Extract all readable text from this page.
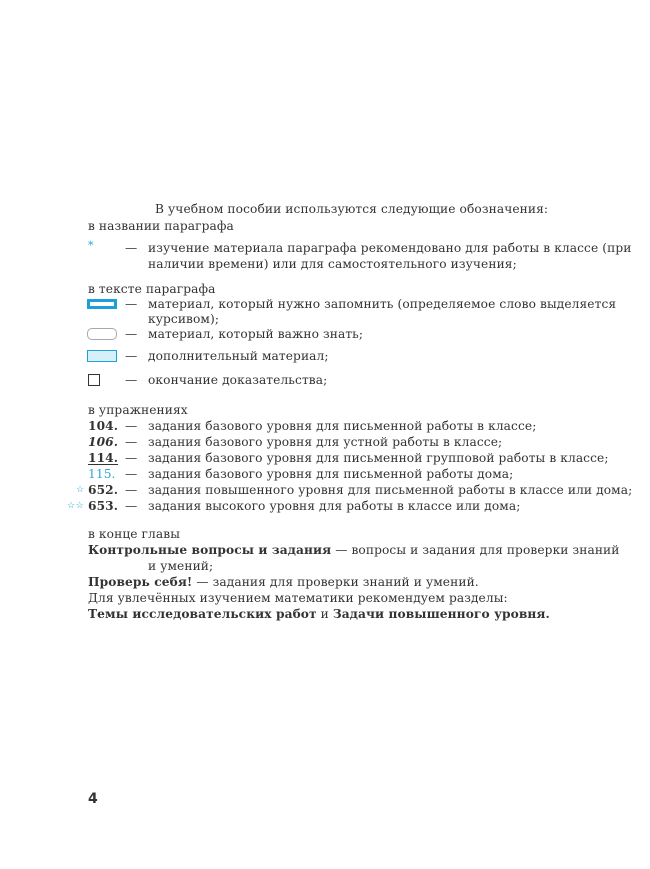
В учебном пособии используются следующие обозначения:
в названии параграфа
*	— изучение материала параграфа рекомендовано для работы в классе (при
наличии времени) или для самостоятельного изучения;
в тексте параграфа
— материал, который нужно запомнить (определяемое слово выделяется
курсивом);
— материал, который важно знать;
— дополнительный материал;
— окончание доказательства;
в упражнениях
104. — задания базового уровня для письменной работы в классе;
106. — задания базового уровня для устной работы в классе;
114. — задания базового уровня для письменной групповой работы в классе;
115. — задания базового уровня для письменной работы дома;
☆ 652. — задания повышенного уровня для письменной работы в классе или дома;
☆☆ 653. — задания высокого уровня для работы в классе или дома;
в конце главы
Контрольные вопросы и задания — вопросы и задания для проверки знаний
и умений;
Проверь себя! — задания для проверки знаний и умений.
Для увлечённых изучением математики рекомендуем разделы:
Темы исследовательских работ и Задачи повышенного уровня.
4
